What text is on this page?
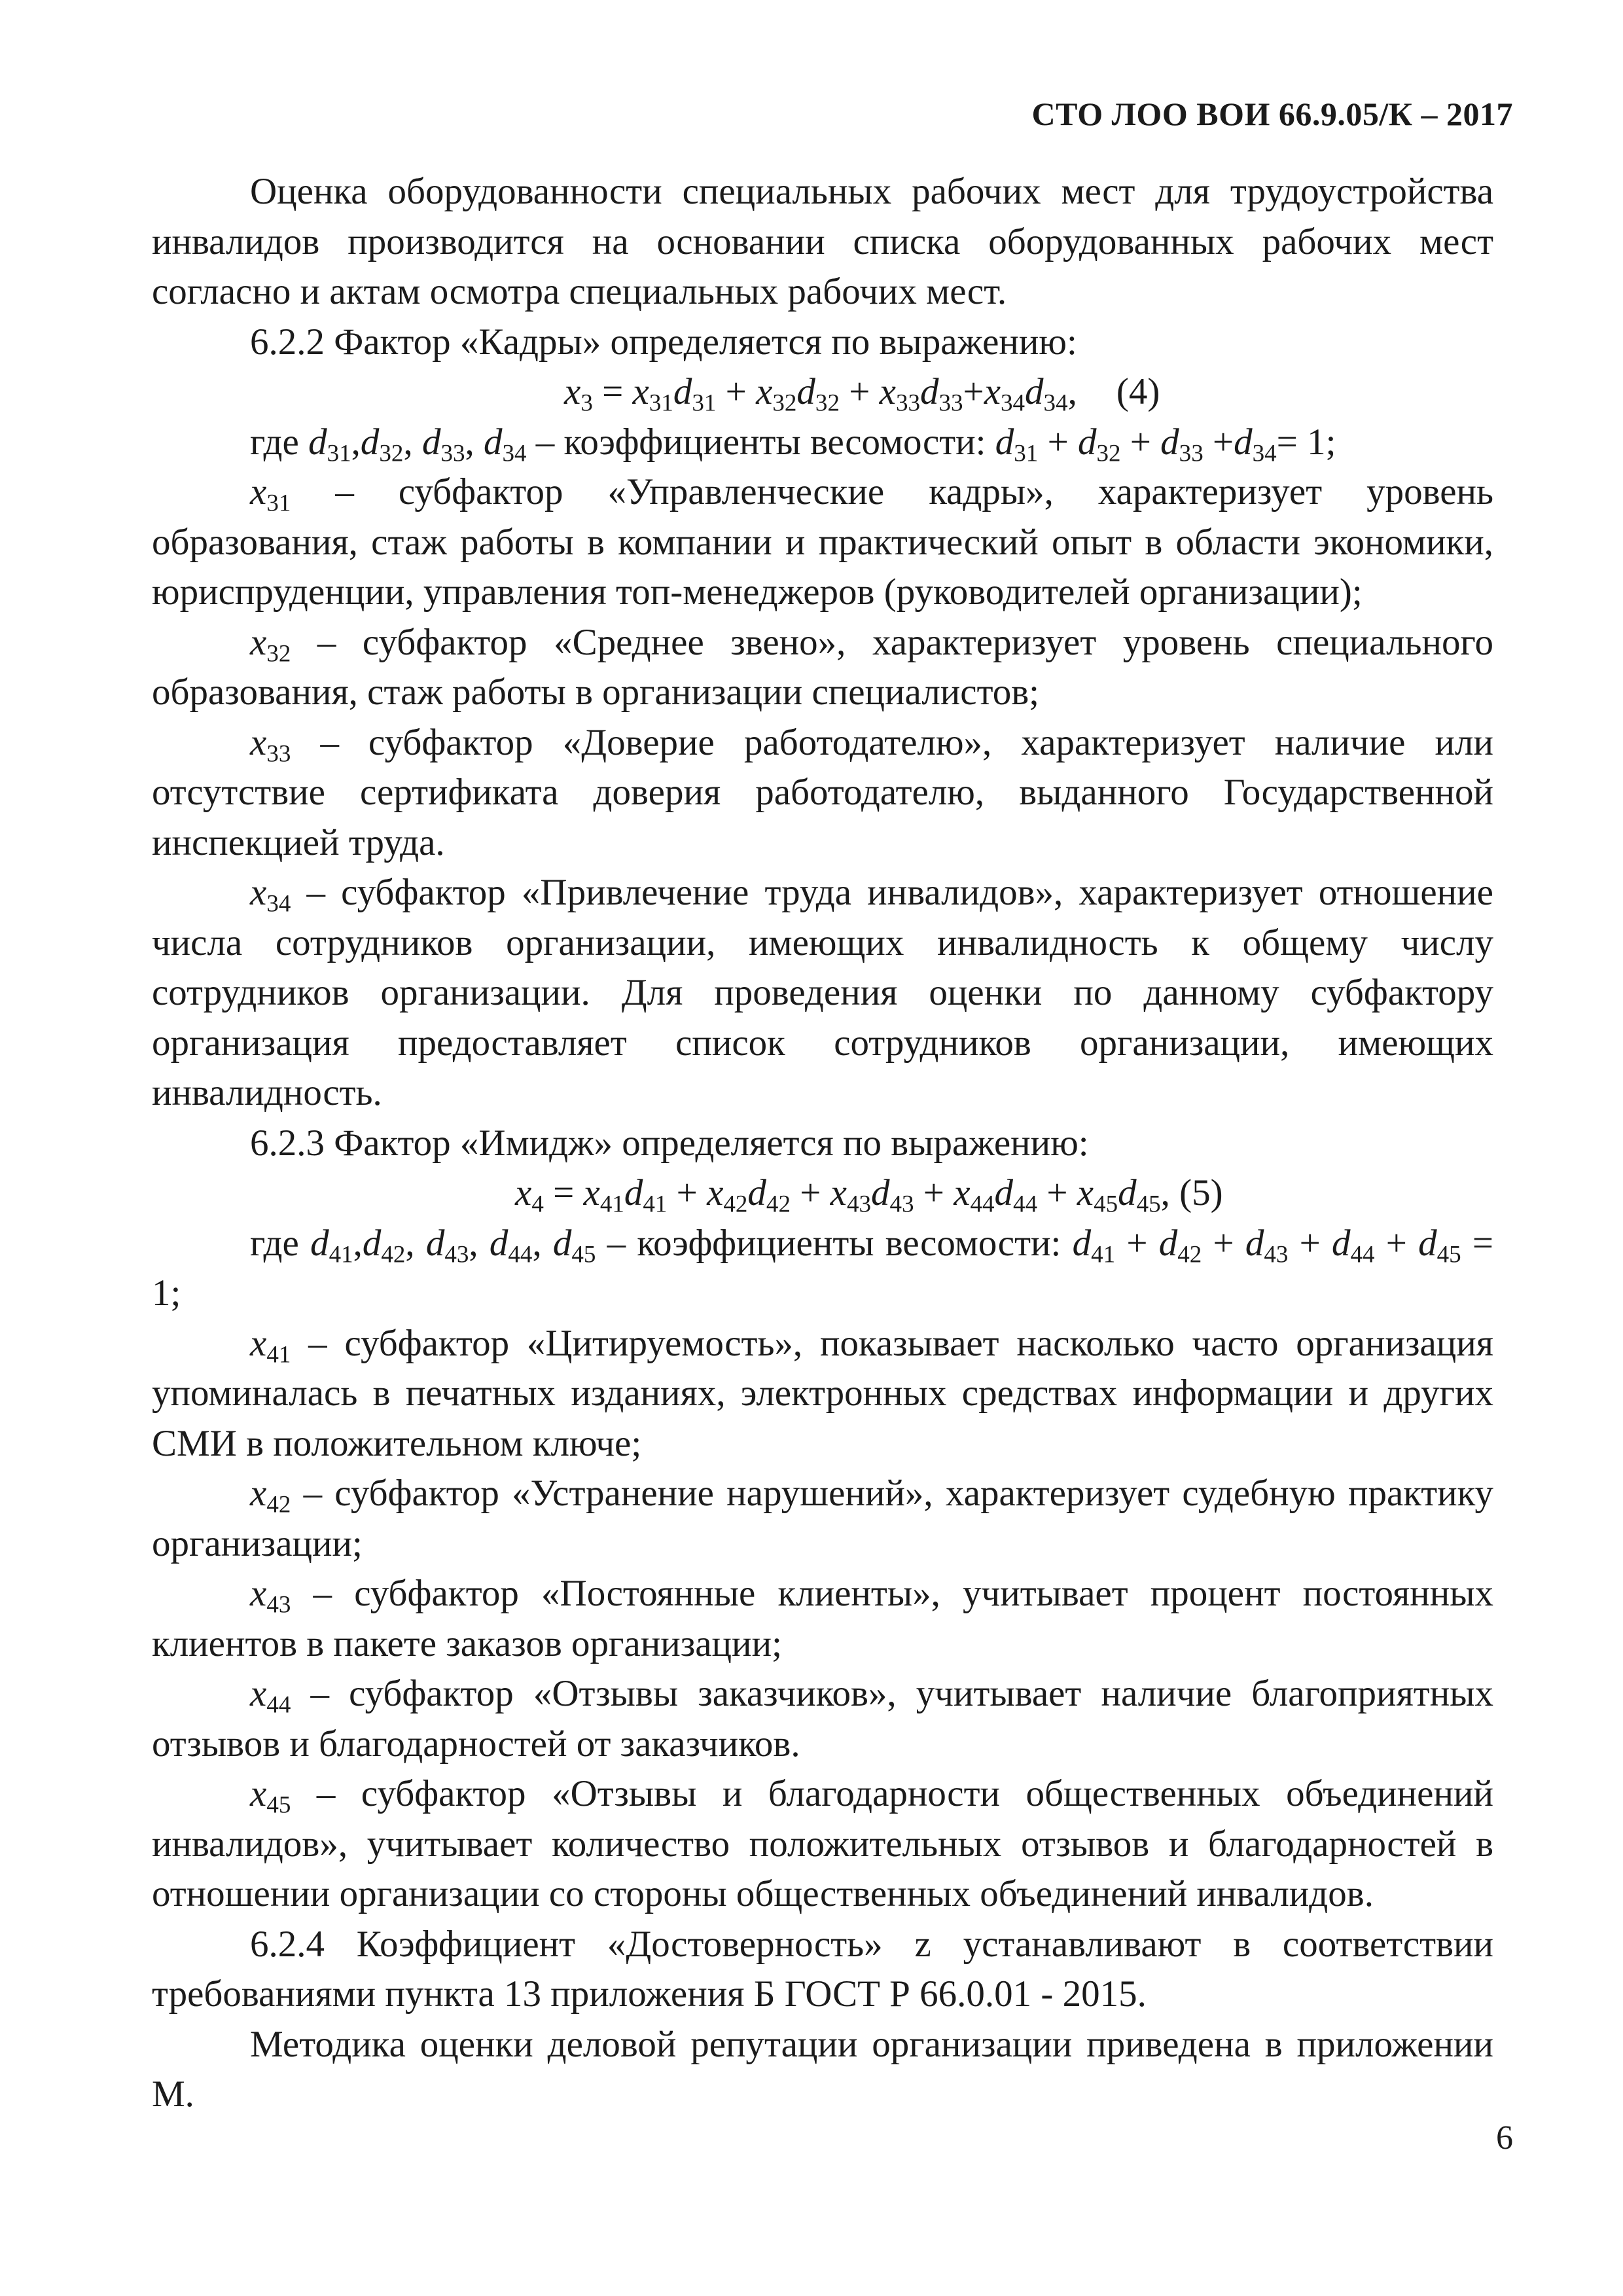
СТО ЛОО ВОИ 66.9.05/К – 2017

Оценка оборудованности специальных рабочих мест для трудоустройства инвалидов производится на основании списка оборудованных рабочих мест согласно и актам осмотра специальных рабочих мест.

6.2.2 Фактор «Кадры» определяется по выражению:

$x_3 = x_{31}d_{31} + x_{32}d_{32} + x_{33}d_{33}+x_{34}d_{34}$, (4)

где $d_{31},d_{32}$, $d_{33}$, $d_{34}$ – коэффициенты весомости: $d_{31} + d_{32} + d_{33} +d_{34}= 1$;

$x_{31}$ – субфактор «Управленческие кадры», характеризует уровень образования, стаж работы в компании и практический опыт в области экономики, юриспруденции, управления топ-менеджеров (руководителей организации);

$x_{32}$ – субфактор «Среднее звено», характеризует уровень специального образования, стаж работы в организации специалистов;

$x_{33}$ – субфактор «Доверие работодателю», характеризует наличие или отсутствие сертификата доверия работодателю, выданного Государственной инспекцией труда.

$x_{34}$ – субфактор «Привлечение труда инвалидов», характеризует отношение числа сотрудников организации, имеющих инвалидность к общему числу сотрудников организации. Для проведения оценки по данному субфактору организация предоставляет список сотрудников организации, имеющих инвалидность.

6.2.3 Фактор «Имидж» определяется по выражению:

$x_4 = x_{41}d_{41} + x_{42}d_{42} + x_{43}d_{43} + x_{44}d_{44} + x_{45}d_{45}$, (5)

где $d_{41},d_{42}$, $d_{43}$, $d_{44}$, $d_{45}$ – коэффициенты весомости: $d_{41} + d_{42} + d_{43} + d_{44} + d_{45} = 1$;

$x_{41}$ – субфактор «Цитируемость», показывает насколько часто организация упоминалась в печатных изданиях, электронных средствах информации и других СМИ в положительном ключе;

$x_{42}$ – субфактор «Устранение нарушений», характеризует судебную практику организации;

$x_{43}$ – субфактор «Постоянные клиенты», учитывает процент постоянных клиентов в пакете заказов организации;

$x_{44}$ – субфактор «Отзывы заказчиков», учитывает наличие благоприятных отзывов и благодарностей от заказчиков.

$x_{45}$ – субфактор «Отзывы и благодарности общественных объединений инвалидов», учитывает количество положительных отзывов и благодарностей в отношении организации со стороны общественных объединений инвалидов.

6.2.4 Коэффициент «Достоверность» z устанавливают в соответствии требованиями пункта 13 приложения Б ГОСТ Р 66.0.01 - 2015.

Методика оценки деловой репутации организации приведена в приложении М.

6
